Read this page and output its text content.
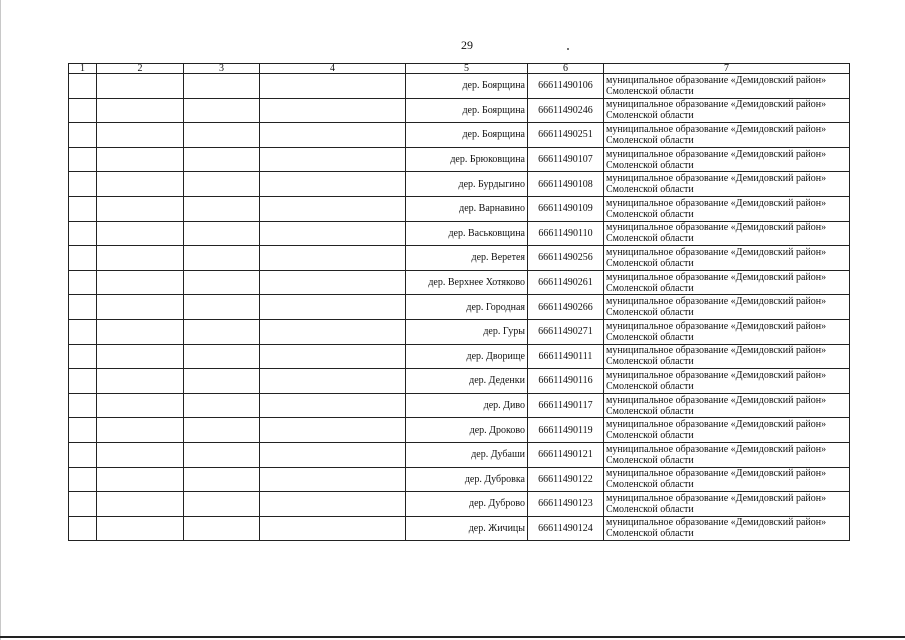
29
1	2	3	4	5	6	7
				дер. Боярщина	66611490106	муниципальное образование «Демидовский район»
Смоленской области

				дер. Боярщина	66611490246	муниципальное образование «Демидовский район»
Смоленской области

				дер. Боярщина	66611490251	муниципальное образование «Демидовский район»
Смоленской области

				дер. Брюковщина	66611490107	муниципальное образование «Демидовский район»
Смоленской области

				дер. Бурдыгино	66611490108	муниципальное образование «Демидовский район»
Смоленской области

				дер. Варнавино	66611490109	муниципальное образование «Демидовский район»
Смоленской области

				дер. Васьковщина	66611490110	муниципальное образование «Демидовский район»
Смоленской области

				дер. Веретея	66611490256	муниципальное образование «Демидовский район»
Смоленской области

				дер. Верхнее Хотяково	66611490261	муниципальное образование «Демидовский район»
Смоленской области

				дер. Городная	66611490266	муниципальное образование «Демидовский район»
Смоленской области

				дер. Гуры	66611490271	муниципальное образование «Демидовский район»
Смоленской области

				дер. Дворище	66611490111	муниципальное образование «Демидовский район»
Смоленской области

				дер. Деденки	66611490116	муниципальное образование «Демидовский район»
Смоленской области

				дер. Диво	66611490117	муниципальное образование «Демидовский район»
Смоленской области

				дер. Дроково	66611490119	муниципальное образование «Демидовский район»
Смоленской области

				дер. Дубаши	66611490121	муниципальное образование «Демидовский район»
Смоленской области

				дер. Дубровка	66611490122	муниципальное образование «Демидовский район»
Смоленской области

				дер. Дуброво	66611490123	муниципальное образование «Демидовский район»
Смоленской области

				дер. Жичицы	66611490124	муниципальное образование «Демидовский район»
Смоленской области
